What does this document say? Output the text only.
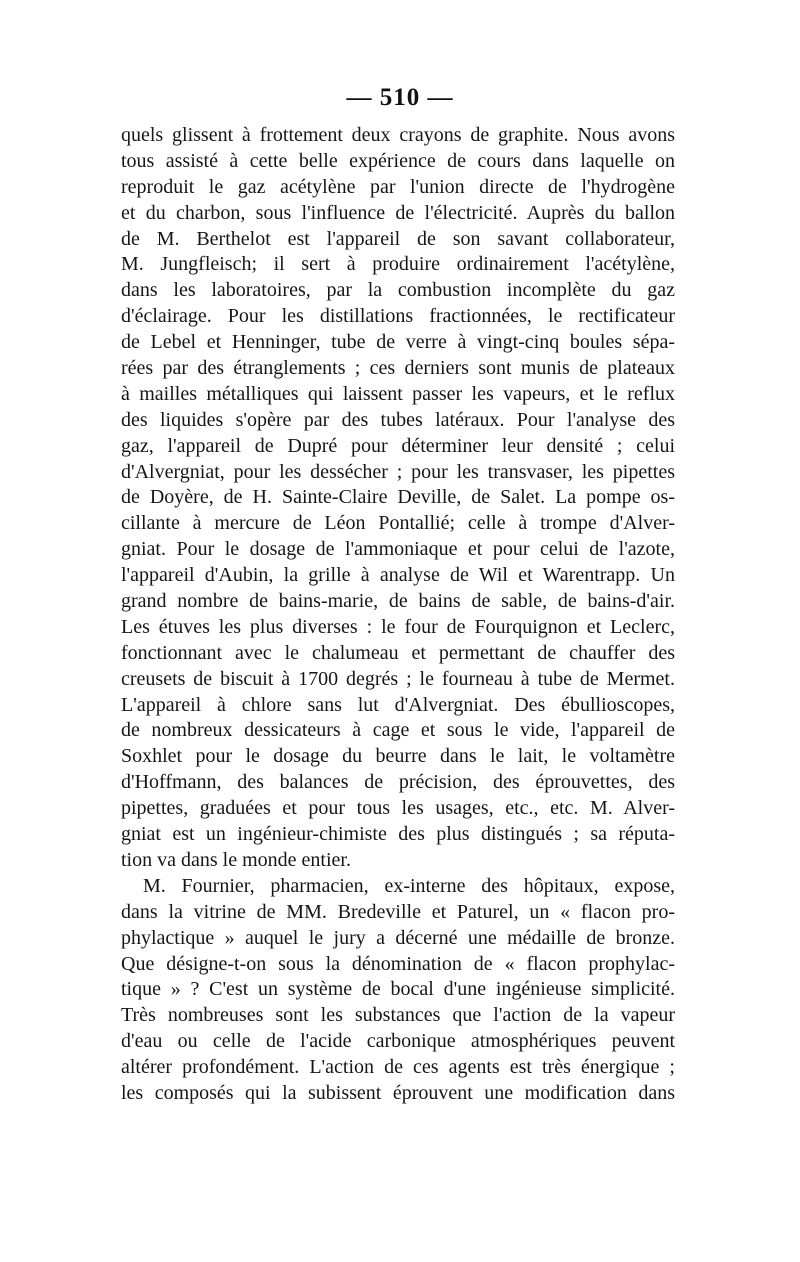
— 510 —
quels glissent à frottement deux crayons de graphite. Nous avons
tous assisté à cette belle expérience de cours dans laquelle on
reproduit le gaz acétylène par l'union directe de l'hydrogène
et du charbon, sous l'influence de l'électricité. Auprès du ballon
de M. Berthelot est l'appareil de son savant collaborateur,
M. Jungfleisch; il sert à produire ordinairement l'acétylène,
dans les laboratoires, par la combustion incomplète du gaz
d'éclairage. Pour les distillations fractionnées, le rectificateur
de Lebel et Henninger, tube de verre à vingt-cinq boules sépa-
rées par des étranglements ; ces derniers sont munis de plateaux
à mailles métalliques qui laissent passer les vapeurs, et le reflux
des liquides s'opère par des tubes latéraux. Pour l'analyse des
gaz, l'appareil de Dupré pour déterminer leur densité ; celui
d'Alvergniat, pour les dessécher ; pour les transvaser, les pipettes
de Doyère, de H. Sainte-Claire Deville, de Salet. La pompe os-
cillante à mercure de Léon Pontallié; celle à trompe d'Alver-
gniat. Pour le dosage de l'ammoniaque et pour celui de l'azote,
l'appareil d'Aubin, la grille à analyse de Wil et Warentrapp. Un
grand nombre de bains-marie, de bains de sable, de bains-d'air.
Les étuves les plus diverses : le four de Fourquignon et Leclerc,
fonctionnant avec le chalumeau et permettant de chauffer des
creusets de biscuit à 1700 degrés ; le fourneau à tube de Mermet.
L'appareil à chlore sans lut d'Alvergniat. Des ébullioscopes,
de nombreux dessicateurs à cage et sous le vide, l'appareil de
Soxhlet pour le dosage du beurre dans le lait, le voltamètre
d'Hoffmann, des balances de précision, des éprouvettes, des
pipettes, graduées et pour tous les usages, etc., etc. M. Alver-
gniat est un ingénieur-chimiste des plus distingués ; sa réputa-
tion va dans le monde entier.
M. Fournier, pharmacien, ex-interne des hôpitaux, expose,
dans la vitrine de MM. Bredeville et Paturel, un « flacon pro-
phylactique » auquel le jury a décerné une médaille de bronze.
Que désigne-t-on sous la dénomination de « flacon prophylac-
tique » ? C'est un système de bocal d'une ingénieuse simplicité.
Très nombreuses sont les substances que l'action de la vapeur
d'eau ou celle de l'acide carbonique atmosphériques peuvent
altérer profondément. L'action de ces agents est très énergique ;
les composés qui la subissent éprouvent une modification dans
